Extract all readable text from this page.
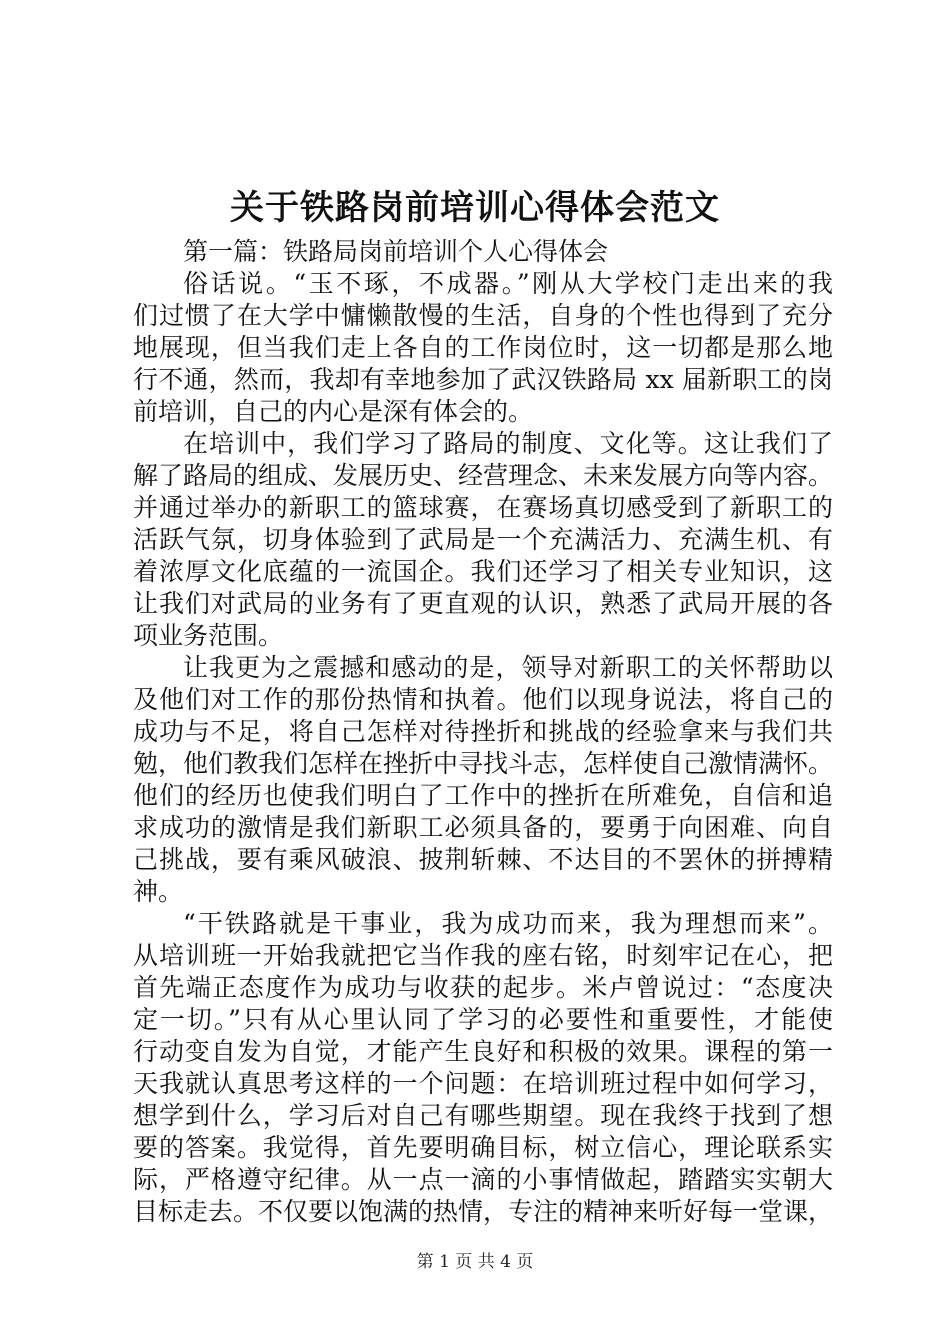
关于铁路岗前培训心得体会范文
第一篇：铁路局岗前培训个人心得体会
俗话说。“玉不琢，不成器。”刚从大学校门走出来的我
们过惯了在大学中慵懒散慢的生活，自身的个性也得到了充分
地展现，但当我们走上各自的工作岗位时，这一切都是那么地
行不通，然而，我却有幸地参加了武汉铁路局 xx 届新职工的岗
前培训，自己的内心是深有体会的。
在培训中，我们学习了路局的制度、文化等。这让我们了
解了路局的组成、发展历史、经营理念、未来发展方向等内容。
并通过举办的新职工的篮球赛，在赛场真切感受到了新职工的
活跃气氛，切身体验到了武局是一个充满活力、充满生机、有
着浓厚文化底蕴的一流国企。我们还学习了相关专业知识，这
让我们对武局的业务有了更直观的认识，熟悉了武局开展的各
项业务范围。
让我更为之震撼和感动的是，领导对新职工的关怀帮助以
及他们对工作的那份热情和执着。他们以现身说法，将自己的
成功与不足，将自己怎样对待挫折和挑战的经验拿来与我们共
勉，他们教我们怎样在挫折中寻找斗志，怎样使自己激情满怀。
他们的经历也使我们明白了工作中的挫折在所难免，自信和追
求成功的激情是我们新职工必须具备的，要勇于向困难、向自
己挑战，要有乘风破浪、披荆斩棘、不达目的不罢休的拼搏精
神。
“干铁路就是干事业，我为成功而来，我为理想而来”。
从培训班一开始我就把它当作我的座右铭，时刻牢记在心，把
首先端正态度作为成功与收获的起步。米卢曾说过：“态度决
定一切。”只有从心里认同了学习的必要性和重要性，才能使
行动变自发为自觉，才能产生良好和积极的效果。课程的第一
天我就认真思考这样的一个问题：在培训班过程中如何学习，
想学到什么，学习后对自己有哪些期望。现在我终于找到了想
要的答案。我觉得，首先要明确目标，树立信心，理论联系实
际，严格遵守纪律。从一点一滴的小事情做起，踏踏实实朝大
目标走去。不仅要以饱满的热情，专注的精神来听好每一堂课，
第 1 页 共 4 页
